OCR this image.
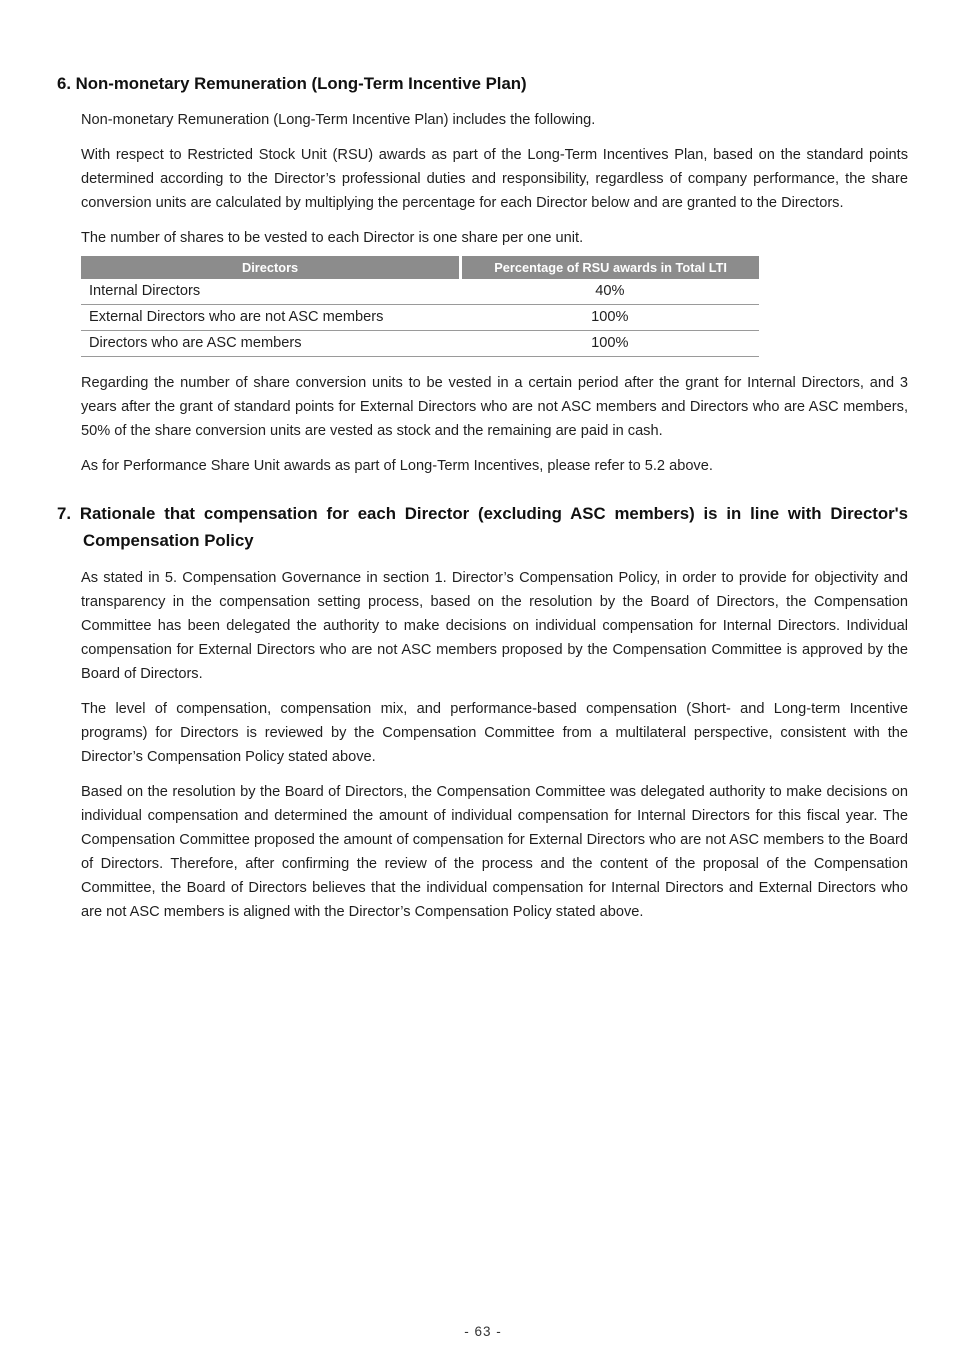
6. Non-monetary Remuneration (Long-Term Incentive Plan)

Non-monetary Remuneration (Long-Term Incentive Plan) includes the following.

With respect to Restricted Stock Unit (RSU) awards as part of the Long-Term Incentives Plan, based on the standard points determined according to the Director’s professional duties and responsibility, regardless of company performance, the share conversion units are calculated by multiplying the percentage for each Director below and are granted to the Directors.

The number of shares to be vested to each Director is one share per one unit.

Directors	Percentage of RSU awards in Total LTI
Internal Directors	40%
External Directors who are not ASC members	100%
Directors who are ASC members	100%

Regarding the number of share conversion units to be vested in a certain period after the grant for Internal Directors, and 3 years after the grant of standard points for External Directors who are not ASC members and Directors who are ASC members, 50% of the share conversion units are vested as stock and the remaining are paid in cash.

As for Performance Share Unit awards as part of Long-Term Incentives, please refer to 5.2 above.

7. Rationale that compensation for each Director (excluding ASC members) is in line with Director's Compensation Policy

As stated in 5. Compensation Governance in section 1. Director’s Compensation Policy, in order to provide for objectivity and transparency in the compensation setting process, based on the resolution by the Board of Directors, the Compensation Committee has been delegated the authority to make decisions on individual compensation for Internal Directors. Individual compensation for External Directors who are not ASC members proposed by the Compensation Committee is approved by the Board of Directors.

The level of compensation, compensation mix, and performance-based compensation (Short- and Long-term Incentive programs) for Directors is reviewed by the Compensation Committee from a multilateral perspective, consistent with the Director’s Compensation Policy stated above.

Based on the resolution by the Board of Directors, the Compensation Committee was delegated authority to make decisions on individual compensation and determined the amount of individual compensation for Internal Directors for this fiscal year. The Compensation Committee proposed the amount of compensation for External Directors who are not ASC members to the Board of Directors. Therefore, after confirming the review of the process and the content of the proposal of the Compensation Committee, the Board of Directors believes that the individual compensation for Internal Directors and External Directors who are not ASC members is aligned with the Director’s Compensation Policy stated above.

- 63 -
